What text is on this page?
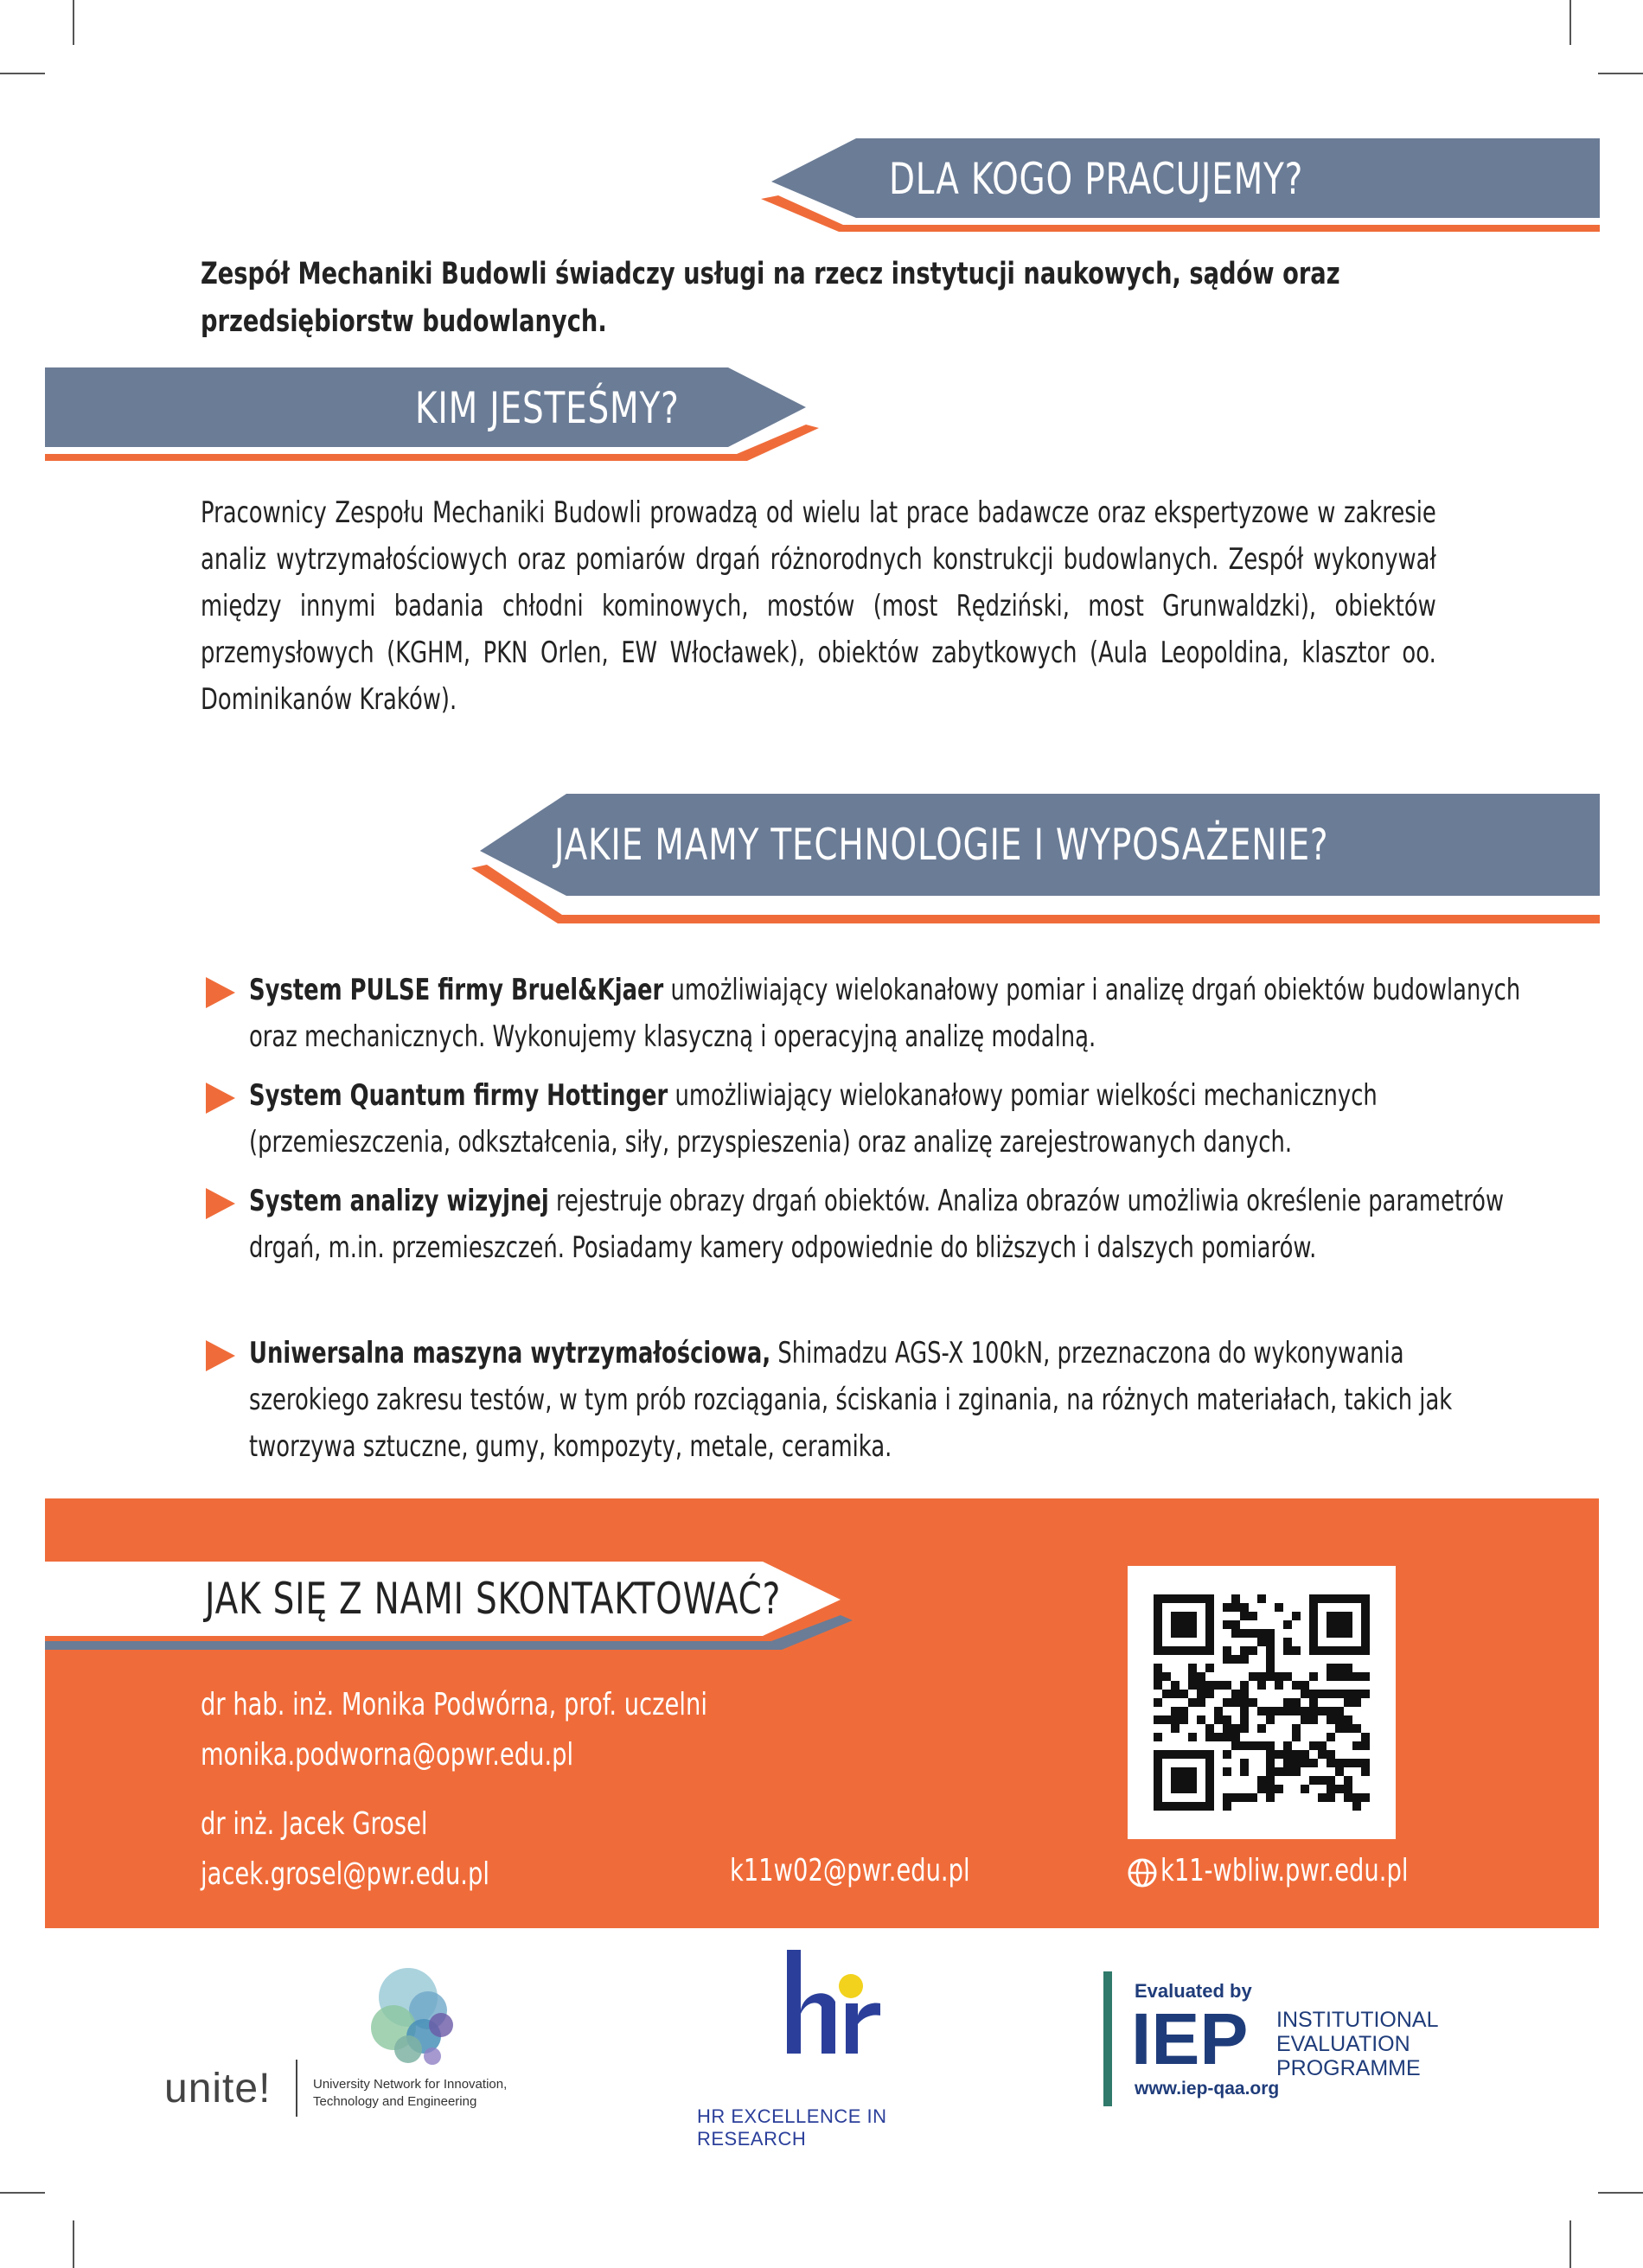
DLA KOGO PRACUJEMY?

Zespół Mechaniki Budowli świadczy usługi na rzecz instytucji naukowych, sądów oraz przedsiębiorstw budowlanych.

KIM JESTEŚMY?

Pracownicy Zespołu Mechaniki Budowli prowadzą od wielu lat prace badawcze oraz ekspertyzowe w zakresie analiz wytrzymałościowych oraz pomiarów drgań różnorodnych konstrukcji budowlanych. Zespół wykonywał między innymi badania chłodni kominowych, mostów (most Rędziński, most Grunwaldzki), obiektów przemysłowych (KGHM, PKN Orlen, EW Włocławek), obiektów zabytkowych (Aula Leopoldina, klasztor oo. Dominikanów Kraków).

JAKIE MAMY TECHNOLOGIE I WYPOSAŻENIE?
System PULSE firmy Bruel&Kjaer umożliwiający wielokanałowy pomiar i analizę drgań obiektów budowlanych oraz mechanicznych. Wykonujemy klasyczną i operacyjną analizę modalną.
System Quantum firmy Hottinger umożliwiający wielokanałowy pomiar wielkości mechanicznych (przemieszczenia, odkształcenia, siły, przyspieszenia) oraz analizę zarejestrowanych danych.
System analizy wizyjnej rejestruje obrazy drgań obiektów. Analiza obrazów umożliwia określenie parametrów drgań, m.in. przemieszczeń. Posiadamy kamery odpowiednie do bliższych i dalszych pomiarów.
Uniwersalna maszyna wytrzymałościowa, Shimadzu AGS-X 100kN, przeznaczona do wykonywania szerokiego zakresu testów, w tym prób rozciągania, ściskania i zginania, na różnych materiałach, takich jak tworzywa sztuczne, gumy, kompozyty, metale, ceramika.
JAK SIĘ Z NAMI SKONTAKTOWAĆ?
dr hab. inż. Monika Podwórna, prof. uczelni
monika.podworna@opwr.edu.pl
dr inż. Jacek Grosel
jacek.grosel@pwr.edu.pl	k11w02@pwr.edu.pl	k11-wbliw.pwr.edu.pl
unite!	University Network for Innovation,
Technology and Engineering
HR EXCELLENCE IN RESEARCH
Evaluated by
IEP INSTITUTIONAL
EVALUATION
PROGRAMME
www.iep-qaa.org
